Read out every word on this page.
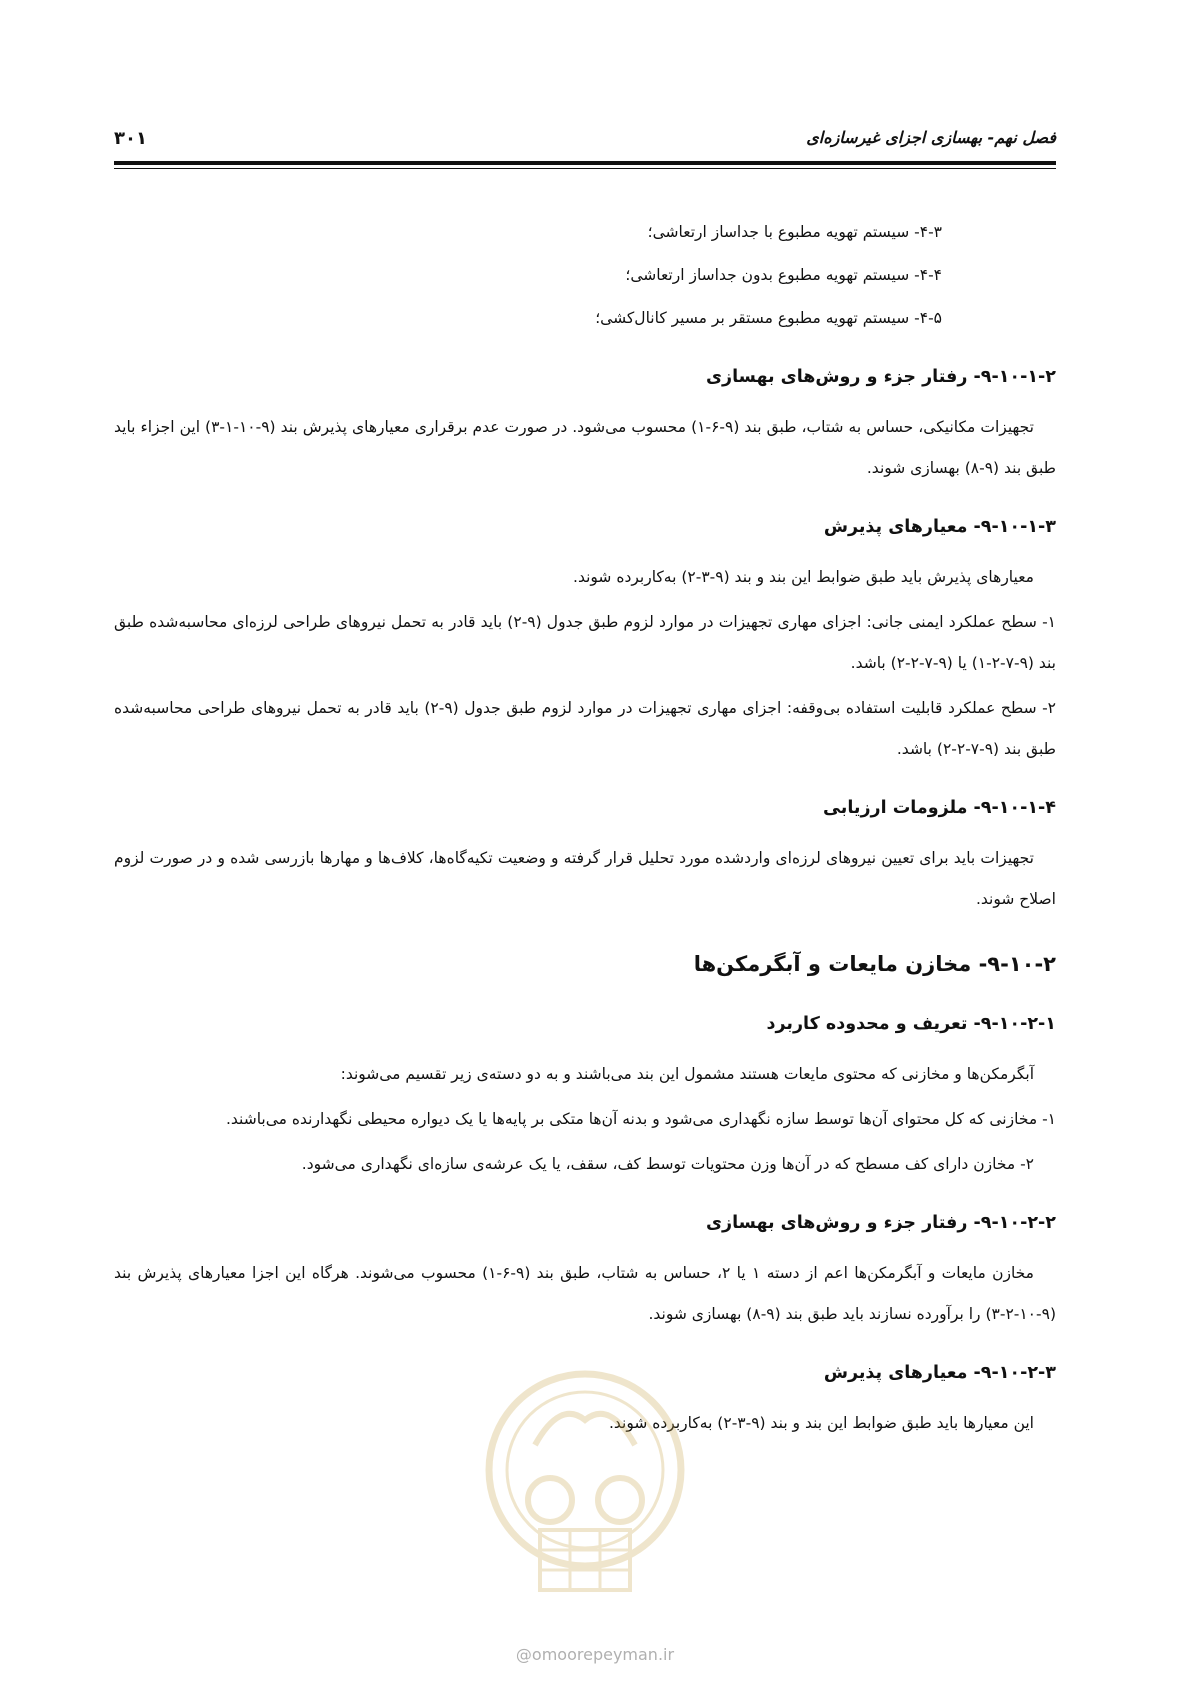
فصل نهم- بهسازی اجزای غیرسازه‌ای
۳۰۱
۴-۳- سیستم تهویه مطبوع با جداساز ارتعاشی؛
۴-۴- سیستم تهویه مطبوع بدون جداساز ارتعاشی؛
۴-۵- سیستم تهویه مطبوع مستقر بر مسیر کانال‌کشی؛
۹-۱۰-۱-۲- رفتار جزء و روش‌های بهسازی

تجهیزات مکانیکی، حساس به شتاب، طبق بند (۹-۶-۱) محسوب می‌شود. در صورت عدم برقراری معیارهای پذیرش بند (۹-۱۰-۱-۳) این اجزاء باید طبق بند (۹-۸) بهسازی شوند.

۹-۱۰-۱-۳- معیارهای پذیرش

معیارهای پذیرش باید طبق ضوابط این بند و بند (۹-۳-۲) به‌کاربرده شوند.

۱- سطح عملکرد ایمنی جانی: اجزای مهاری تجهیزات در موارد لزوم طبق جدول (۹-۲) باید قادر به تحمل نیروهای طراحی لرزه‌ای محاسبه‌شده طبق بند (۹-۷-۲-۱) یا (۹-۷-۲-۲) باشد.

۲- سطح عملکرد قابلیت استفاده بی‌وقفه: اجزای مهاری تجهیزات در موارد لزوم طبق جدول (۹-۲) باید قادر به تحمل نیروهای طراحی محاسبه‌شده طبق بند (۹-۷-۲-۲) باشد.

۹-۱۰-۱-۴- ملزومات ارزیابی

تجهیزات باید برای تعیین نیروهای لرزه‌ای واردشده مورد تحلیل قرار گرفته و وضعیت تکیه‌گاه‌ها، کلاف‌ها و مهارها بازرسی شده و در صورت لزوم اصلاح شوند.

۹-۱۰-۲- مخازن مایعات و آبگرمکن‌ها
۹-۱۰-۲-۱- تعریف و محدوده کاربرد

آبگرمکن‌ها و مخازنی که محتوی مایعات هستند مشمول این بند می‌باشند و به دو دسته‌ی زیر تقسیم می‌شوند:

۱- مخازنی که کل محتوای آن‌ها توسط سازه نگهداری می‌شود و بدنه آن‌ها متکی بر پایه‌ها یا یک دیواره محیطی نگهدارنده می‌باشند.

۲- مخازن دارای کف مسطح که در آن‌ها وزن محتویات توسط کف، سقف، یا یک عرشه‌ی سازه‌ای نگهداری می‌شود.

۹-۱۰-۲-۲- رفتار جزء و روش‌های بهسازی

مخازن مایعات و آبگرمکن‌ها اعم از دسته ۱ یا ۲، حساس به شتاب، طبق بند (۹-۶-۱) محسوب می‌شوند. هرگاه این اجزا معیارهای پذیرش بند (۹-۱۰-۲-۳) را برآورده نسازند باید طبق بند (۹-۸) بهسازی شوند.

۹-۱۰-۲-۳- معیارهای پذیرش

این معیارها باید طبق ضوابط این بند و بند (۹-۳-۲) به‌کاربرده شوند.

@omoorepeyman.ir
